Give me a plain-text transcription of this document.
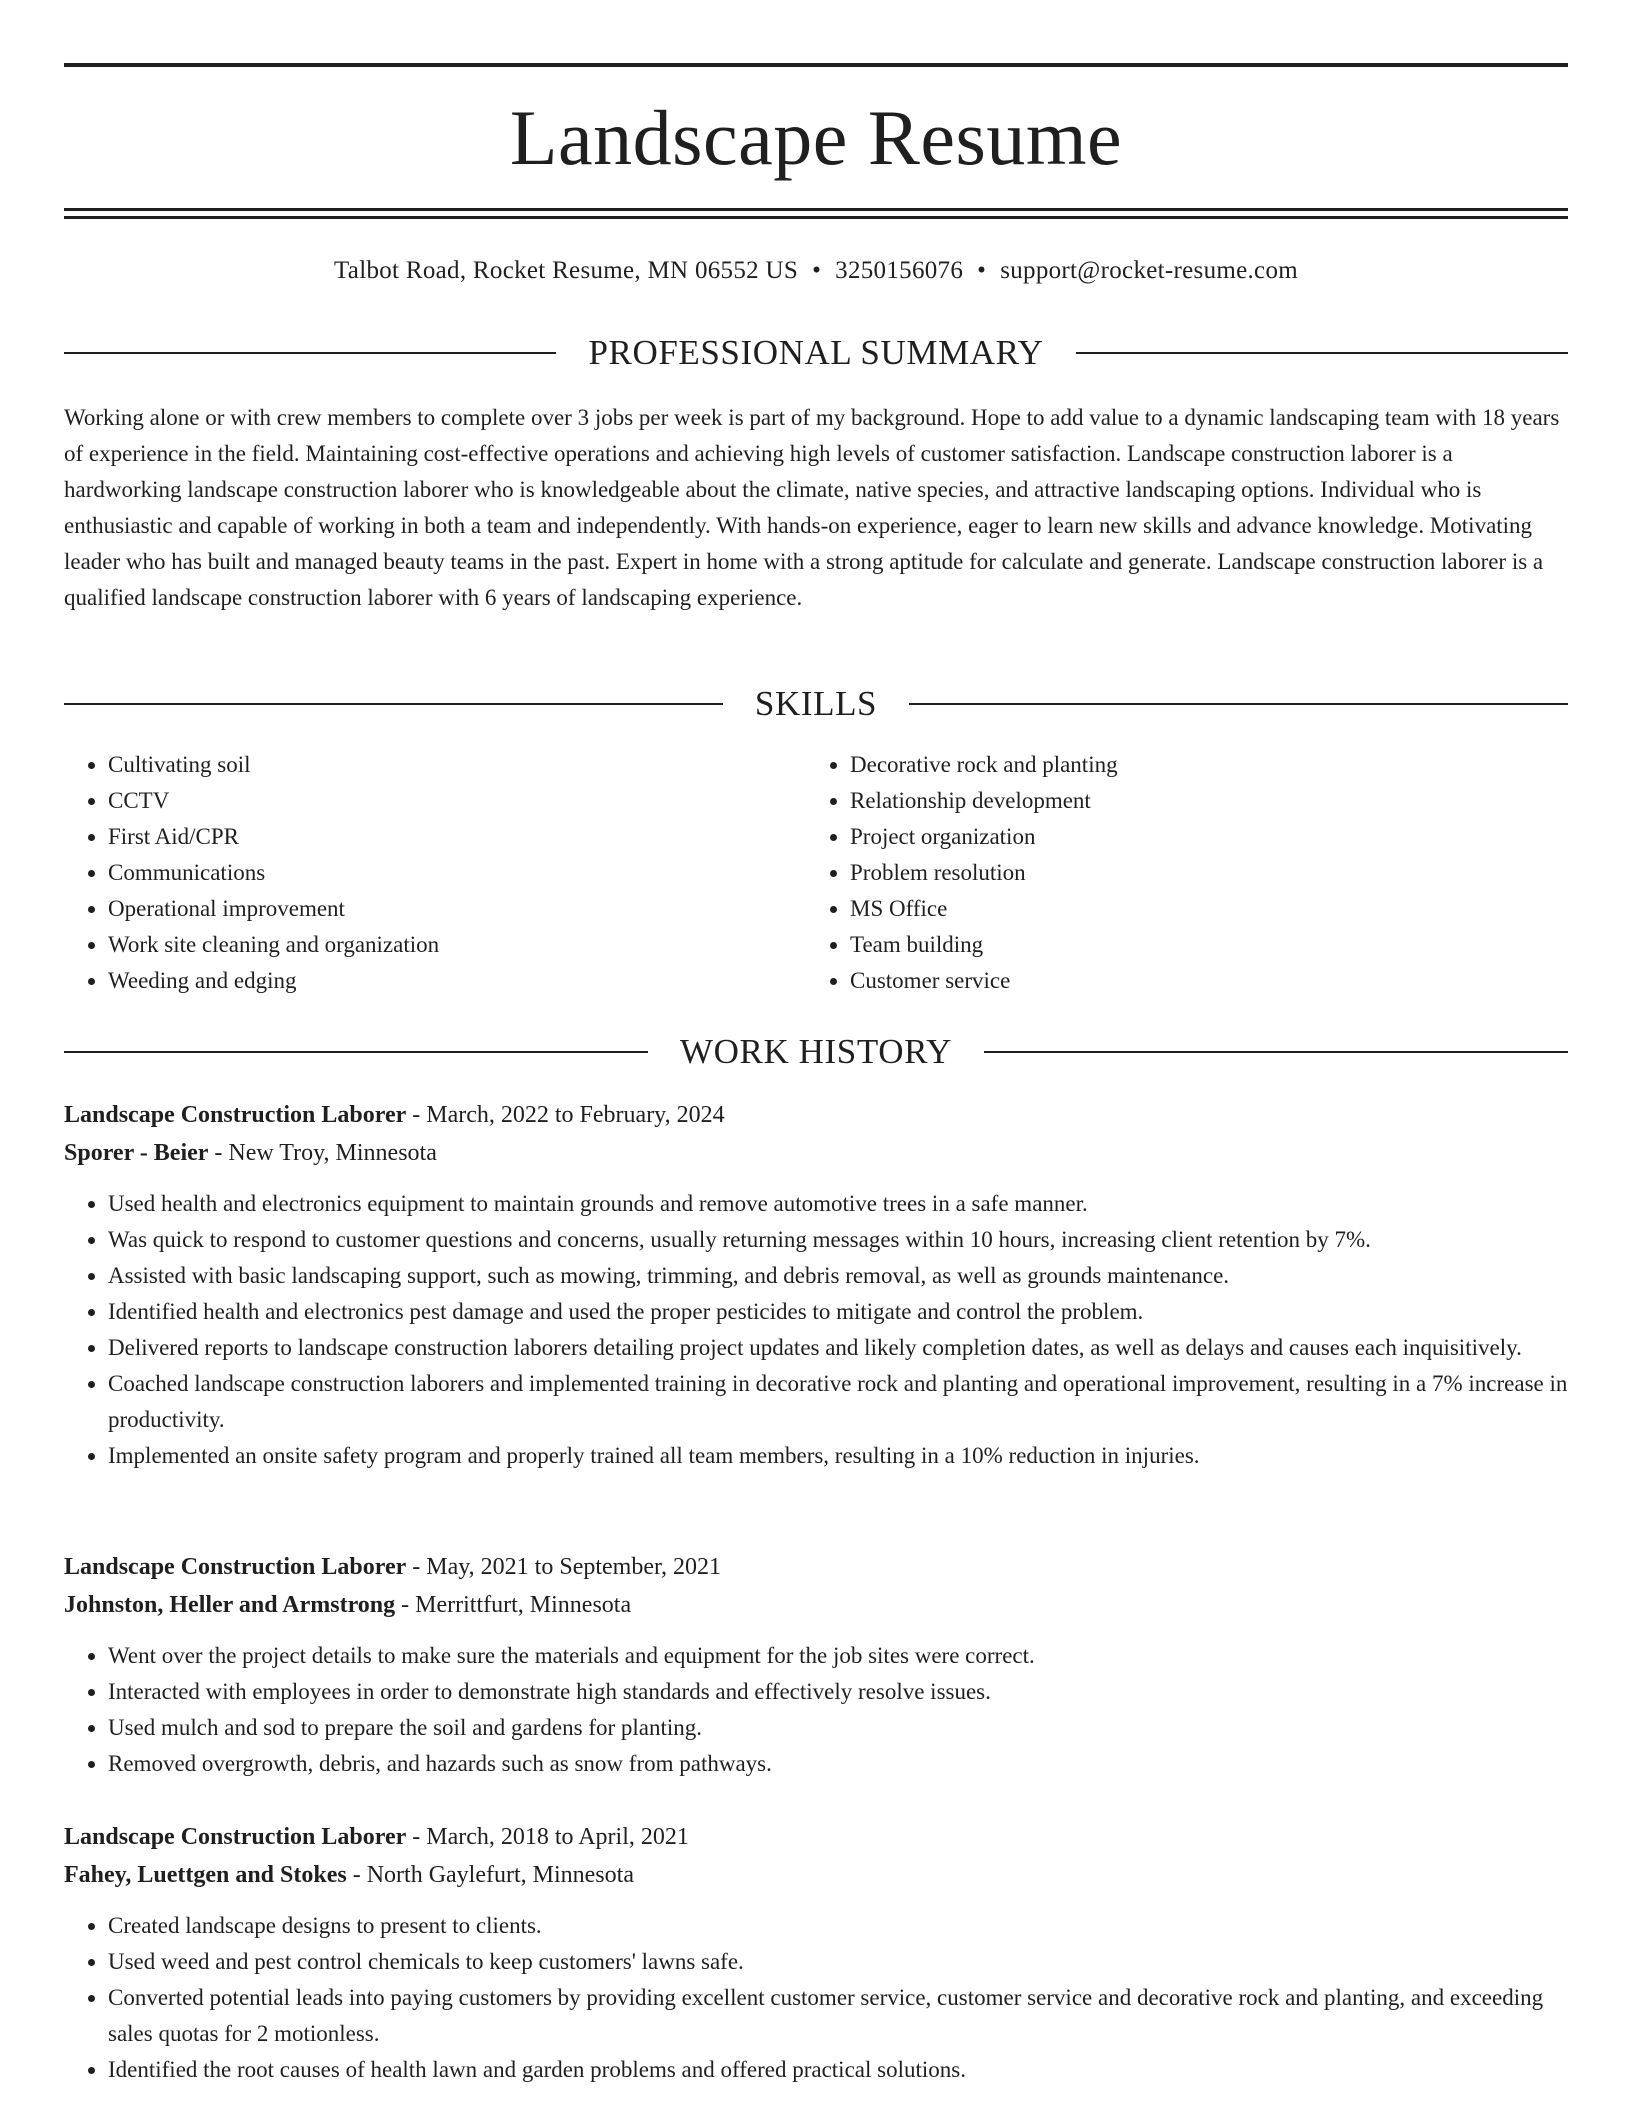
Landscape Resume
Talbot Road, Rocket Resume, MN 06552 US • 3250156076 • support@rocket-resume.com
PROFESSIONAL SUMMARY

Working alone or with crew members to complete over 3 jobs per week is part of my background. Hope to add value to a dynamic landscaping team with 18 years of experience in the field. Maintaining cost-effective operations and achieving high levels of customer satisfaction. Landscape construction laborer is a hardworking landscape construction laborer who is knowledgeable about the climate, native species, and attractive landscaping options. Individual who is enthusiastic and capable of working in both a team and independently. With hands-on experience, eager to learn new skills and advance knowledge. Motivating leader who has built and managed beauty teams in the past. Expert in home with a strong aptitude for calculate and generate. Landscape construction laborer is a qualified landscape construction laborer with 6 years of landscaping experience.

SKILLS
• Cultivating soil
• CCTV
• First Aid/CPR
• Communications
• Operational improvement
• Work site cleaning and organization
• Weeding and edging
• Decorative rock and planting
• Relationship development
• Project organization
• Problem resolution
• MS Office
• Team building
• Customer service
WORK HISTORY
Landscape Construction Laborer - March, 2022 to February, 2024
Sporer - Beier - New Troy, Minnesota
• Used health and electronics equipment to maintain grounds and remove automotive trees in a safe manner.
• Was quick to respond to customer questions and concerns, usually returning messages within 10 hours, increasing client retention by 7%.
• Assisted with basic landscaping support, such as mowing, trimming, and debris removal, as well as grounds maintenance.
• Identified health and electronics pest damage and used the proper pesticides to mitigate and control the problem.
• Delivered reports to landscape construction laborers detailing project updates and likely completion dates, as well as delays and causes each inquisitively.
• Coached landscape construction laborers and implemented training in decorative rock and planting and operational improvement, resulting in a 7% increase in productivity.
• Implemented an onsite safety program and properly trained all team members, resulting in a 10% reduction in injuries.
Landscape Construction Laborer - May, 2021 to September, 2021
Johnston, Heller and Armstrong - Merrittfurt, Minnesota
• Went over the project details to make sure the materials and equipment for the job sites were correct.
• Interacted with employees in order to demonstrate high standards and effectively resolve issues.
• Used mulch and sod to prepare the soil and gardens for planting.
• Removed overgrowth, debris, and hazards such as snow from pathways.
Landscape Construction Laborer - March, 2018 to April, 2021
Fahey, Luettgen and Stokes - North Gaylefurt, Minnesota
• Created landscape designs to present to clients.
• Used weed and pest control chemicals to keep customers' lawns safe.
• Converted potential leads into paying customers by providing excellent customer service, customer service and decorative rock and planting, and exceeding sales quotas for 2 motionless.
• Identified the root causes of health lawn and garden problems and offered practical solutions.
